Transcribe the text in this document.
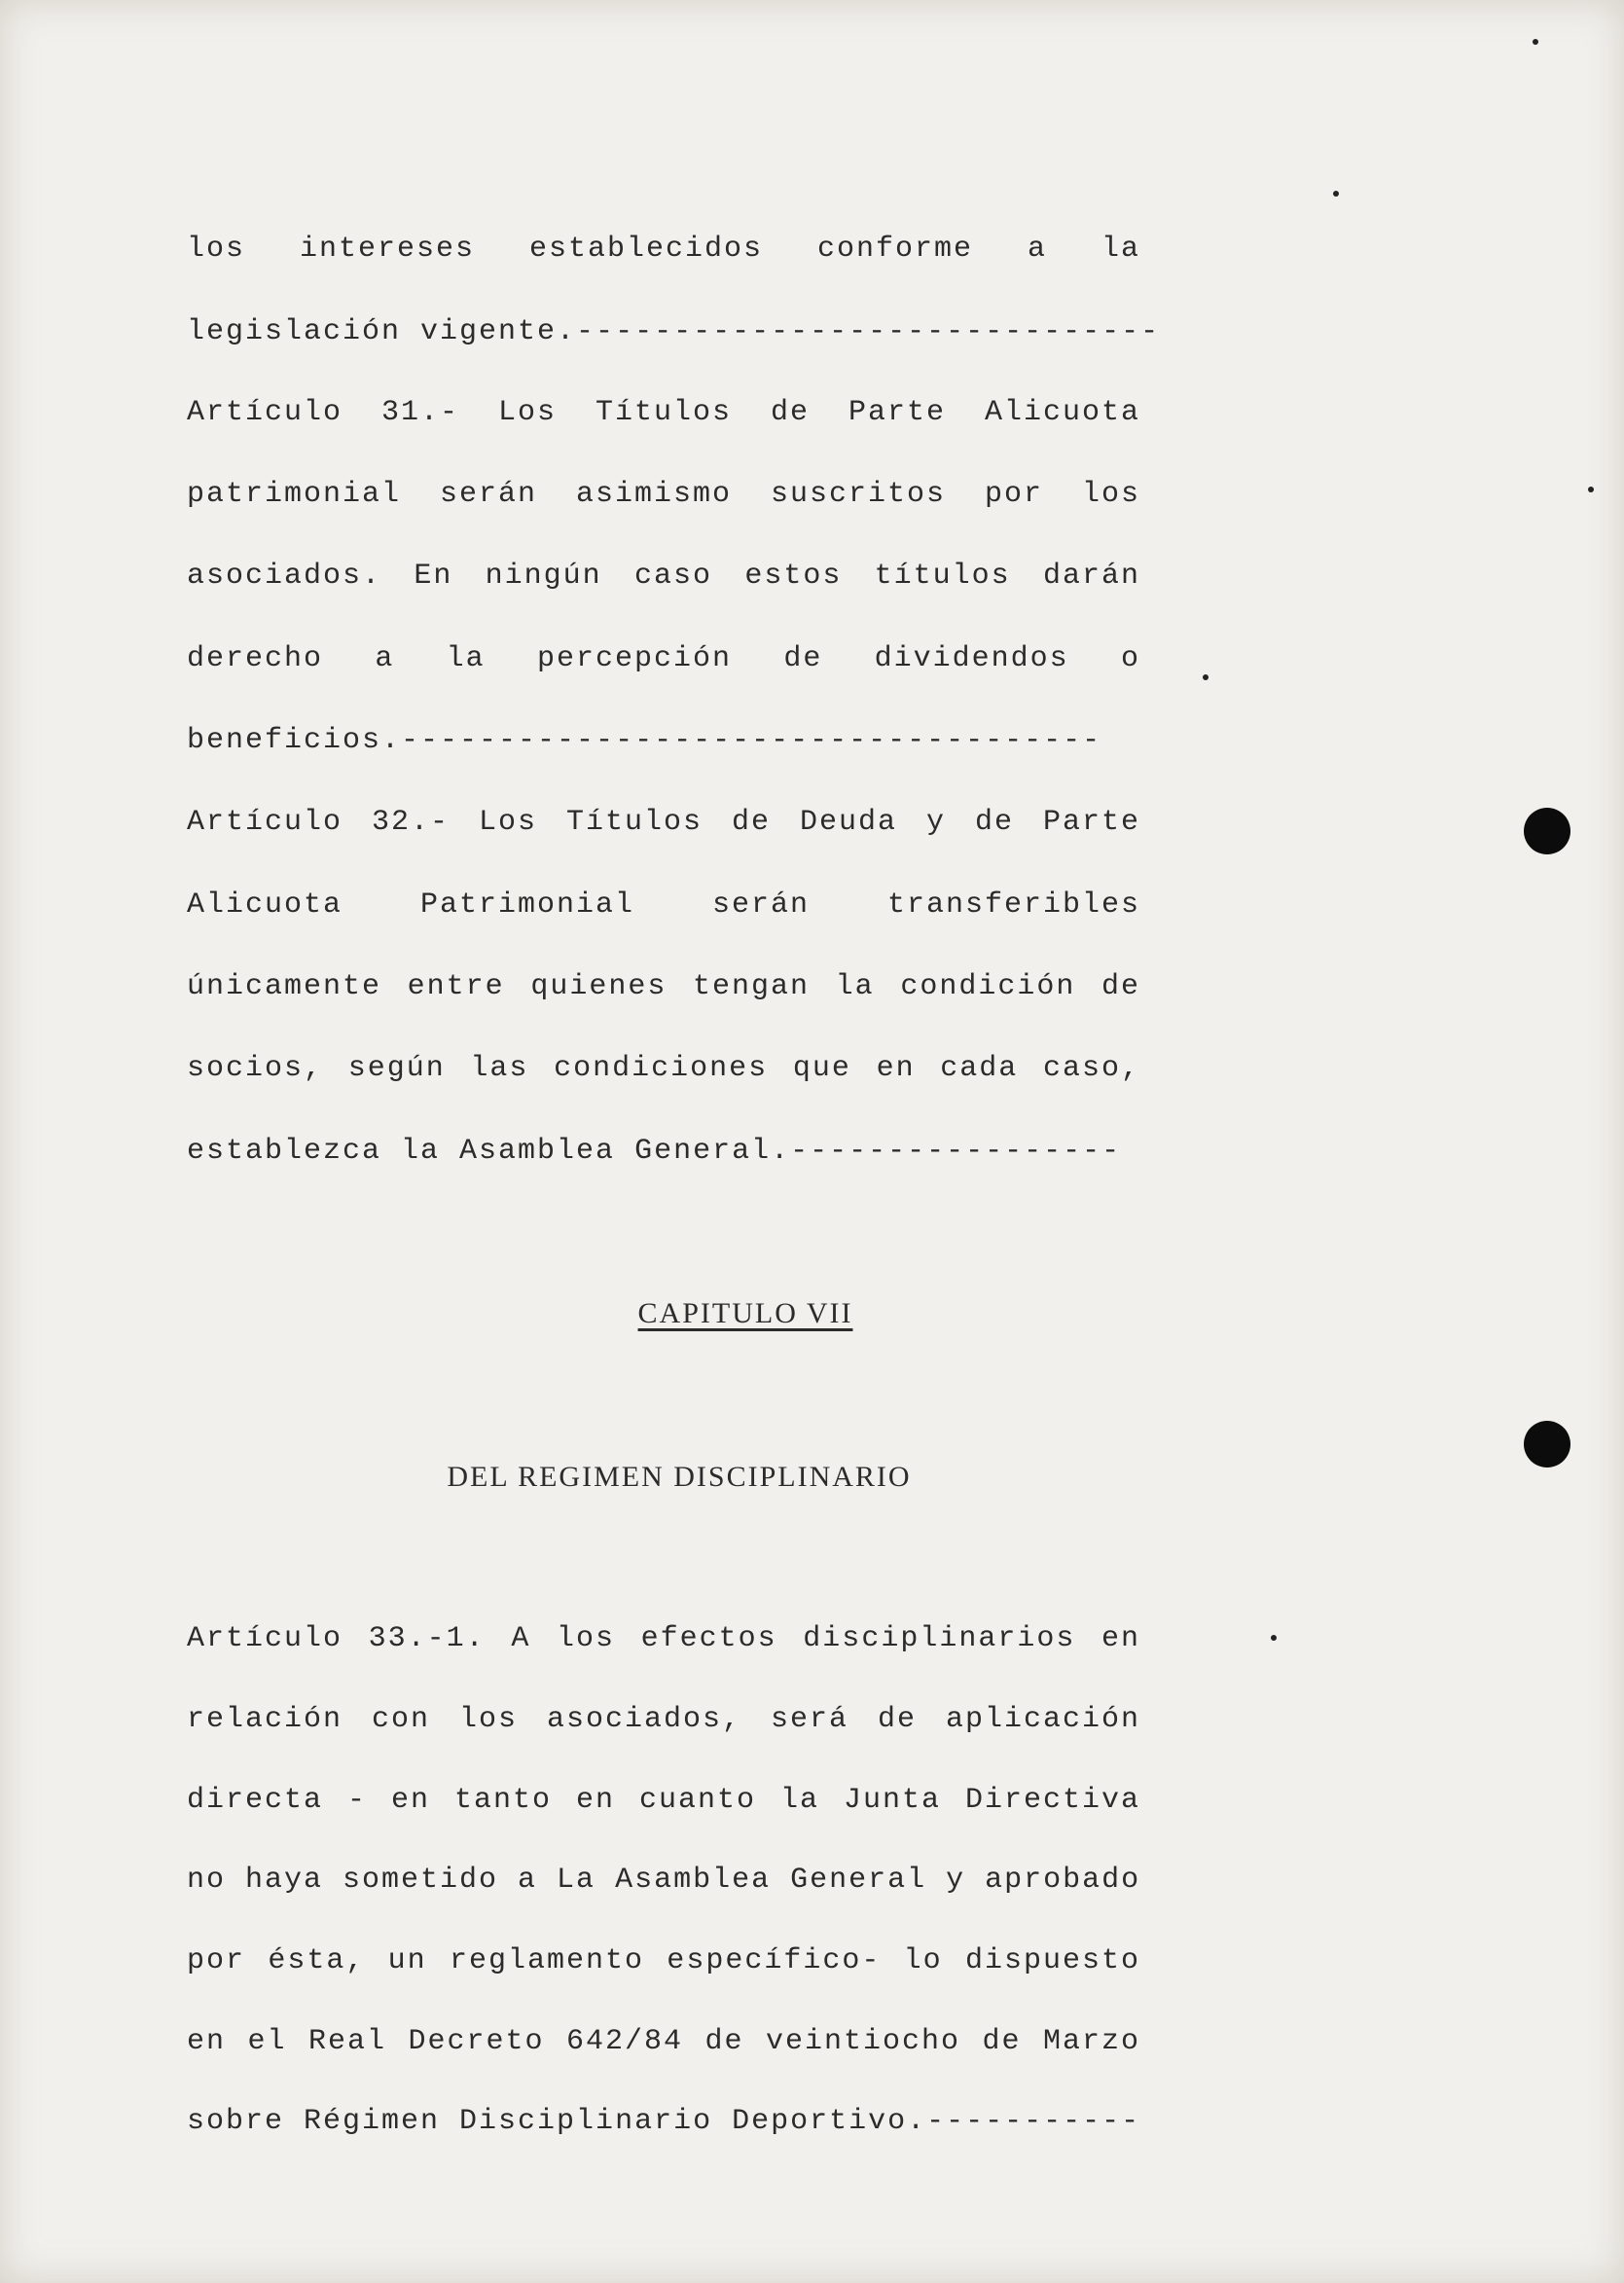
los intereses establecidos conforme a la
legislación vigente.------------------------------
Artículo 31.- Los Títulos de Parte Alicuota
patrimonial serán asimismo suscritos por los
asociados. En ningún caso estos títulos darán
derecho a la percepción de dividendos o
beneficios.------------------------------------
Artículo 32.- Los Títulos de Deuda y de Parte
Alicuota Patrimonial serán transferibles
únicamente entre quienes tengan la condición de
socios, según las condiciones que en cada caso,
establezca la Asamblea General.-----------------
CAPITULO VII
DEL REGIMEN DISCIPLINARIO
Artículo 33.-1. A los efectos disciplinarios en
relación con los asociados, será de aplicación
directa - en tanto en cuanto la Junta Directiva
no haya sometido a La Asamblea General y aprobado
por ésta, un reglamento específico- lo dispuesto
en el Real Decreto 642/84 de veintiocho de Marzo
sobre Régimen Disciplinario Deportivo.-----------
